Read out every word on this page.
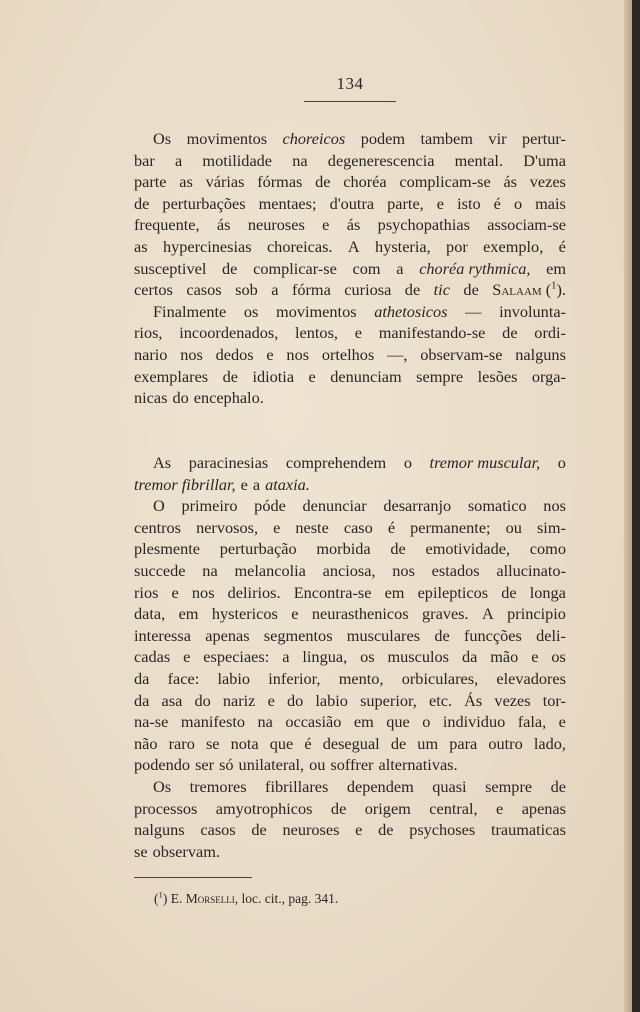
134
Os movimentos choreicos podem tambem vir pertur-
bar a motilidade na degenerescencia mental. D'uma
parte as várias fórmas de choréa complicam-se ás vezes
de perturbações mentaes; d'outra parte, e isto é o mais
frequente, ás neuroses e ás psychopathias associam-se
as hypercinesias choreicas. A hysteria, por exemplo, é
susceptivel de complicar-se com a choréa rythmica, em
certos casos sob a fórma curiosa de tic de Salaam ($^1$).
Finalmente os movimentos athetosicos — involunta-
rios, incoordenados, lentos, e manifestando-se de ordi-
nario nos dedos e nos ortelhos —, observam-se nalguns
exemplares de idiotia e denunciam sempre lesões orga-
nicas do encephalo.
As paracinesias comprehendem o tremor muscular, o
tremor fibrillar, e a ataxia.
O primeiro póde denunciar desarranjo somatico nos
centros nervosos, e neste caso é permanente; ou sim-
plesmente perturbação morbida de emotividade, como
succede na melancolia anciosa, nos estados allucinato-
rios e nos delirios. Encontra-se em epilepticos de longa
data, em hystericos e neurasthenicos graves. A principio
interessa apenas segmentos musculares de funcções deli-
cadas e especiaes: a lingua, os musculos da mão e os
da face: labio inferior, mento, orbiculares, elevadores
da asa do nariz e do labio superior, etc. Ás vezes tor-
na-se manifesto na occasião em que o individuo fala, e
não raro se nota que é desegual de um para outro lado,
podendo ser só unilateral, ou soffrer alternativas.
Os tremores fibrillares dependem quasi sempre de
processos amyotrophicos de origem central, e apenas
nalguns casos de neuroses e de psychoses traumaticas
se observam.
($^1$) E. Morselli, loc. cit., pag. 341.
